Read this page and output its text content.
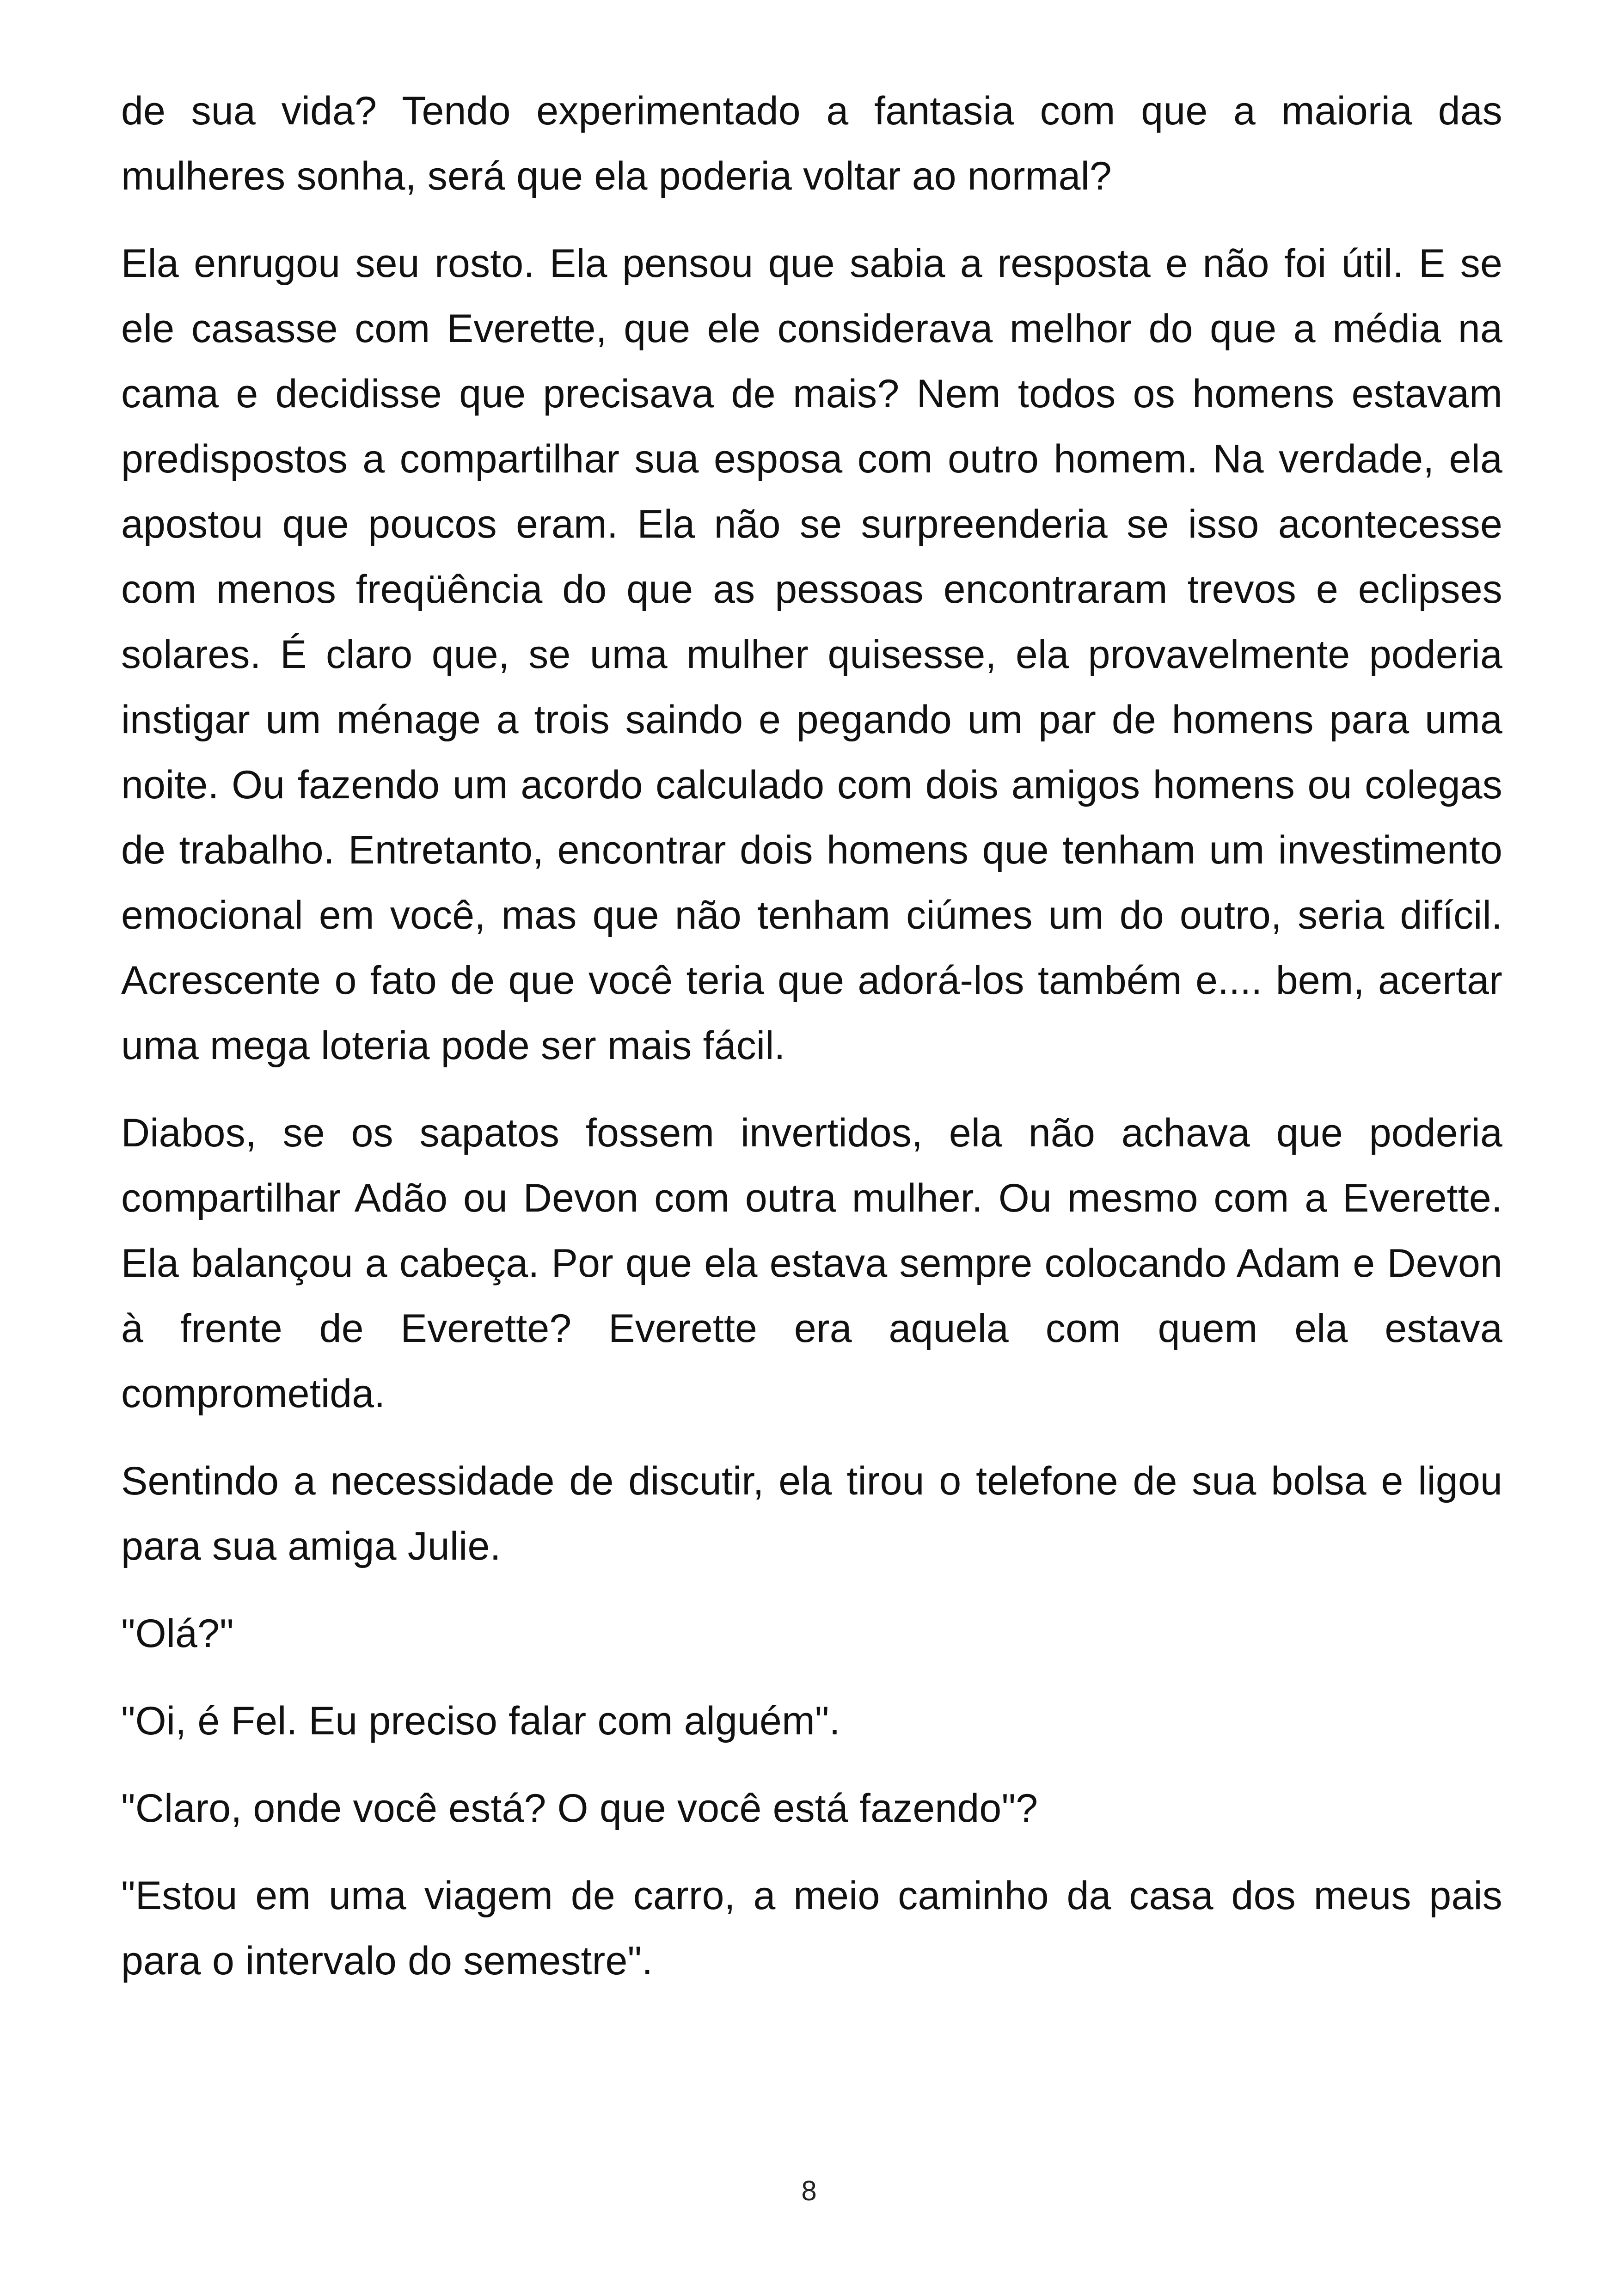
de sua vida? Tendo experimentado a fantasia com que a maioria das mulheres sonha, será que ela poderia voltar ao normal?

Ela enrugou seu rosto. Ela pensou que sabia a resposta e não foi útil. E se ele casasse com Everette, que ele considerava melhor do que a média na cama e decidisse que precisava de mais? Nem todos os homens estavam predispostos a compartilhar sua esposa com outro homem. Na verdade, ela apostou que poucos eram. Ela não se surpreenderia se isso acontecesse com menos freqüência do que as pessoas encontraram trevos e eclipses solares. É claro que, se uma mulher quisesse, ela provavelmente poderia instigar um ménage a trois saindo e pegando um par de homens para uma noite. Ou fazendo um acordo calculado com dois amigos homens ou colegas de trabalho. Entretanto, encontrar dois homens que tenham um investimento emocional em você, mas que não tenham ciúmes um do outro, seria difícil. Acrescente o fato de que você teria que adorá-los também e.... bem, acertar uma mega loteria pode ser mais fácil.

Diabos, se os sapatos fossem invertidos, ela não achava que poderia compartilhar Adão ou Devon com outra mulher. Ou mesmo com a Everette. Ela balançou a cabeça. Por que ela estava sempre colocando Adam e Devon à frente de Everette? Everette era aquela com quem ela estava comprometida.

Sentindo a necessidade de discutir, ela tirou o telefone de sua bolsa e ligou para sua amiga Julie.

"Olá?"

"Oi, é Fel. Eu preciso falar com alguém".

"Claro, onde você está? O que você está fazendo"?

"Estou em uma viagem de carro, a meio caminho da casa dos meus pais para o intervalo do semestre".

8
